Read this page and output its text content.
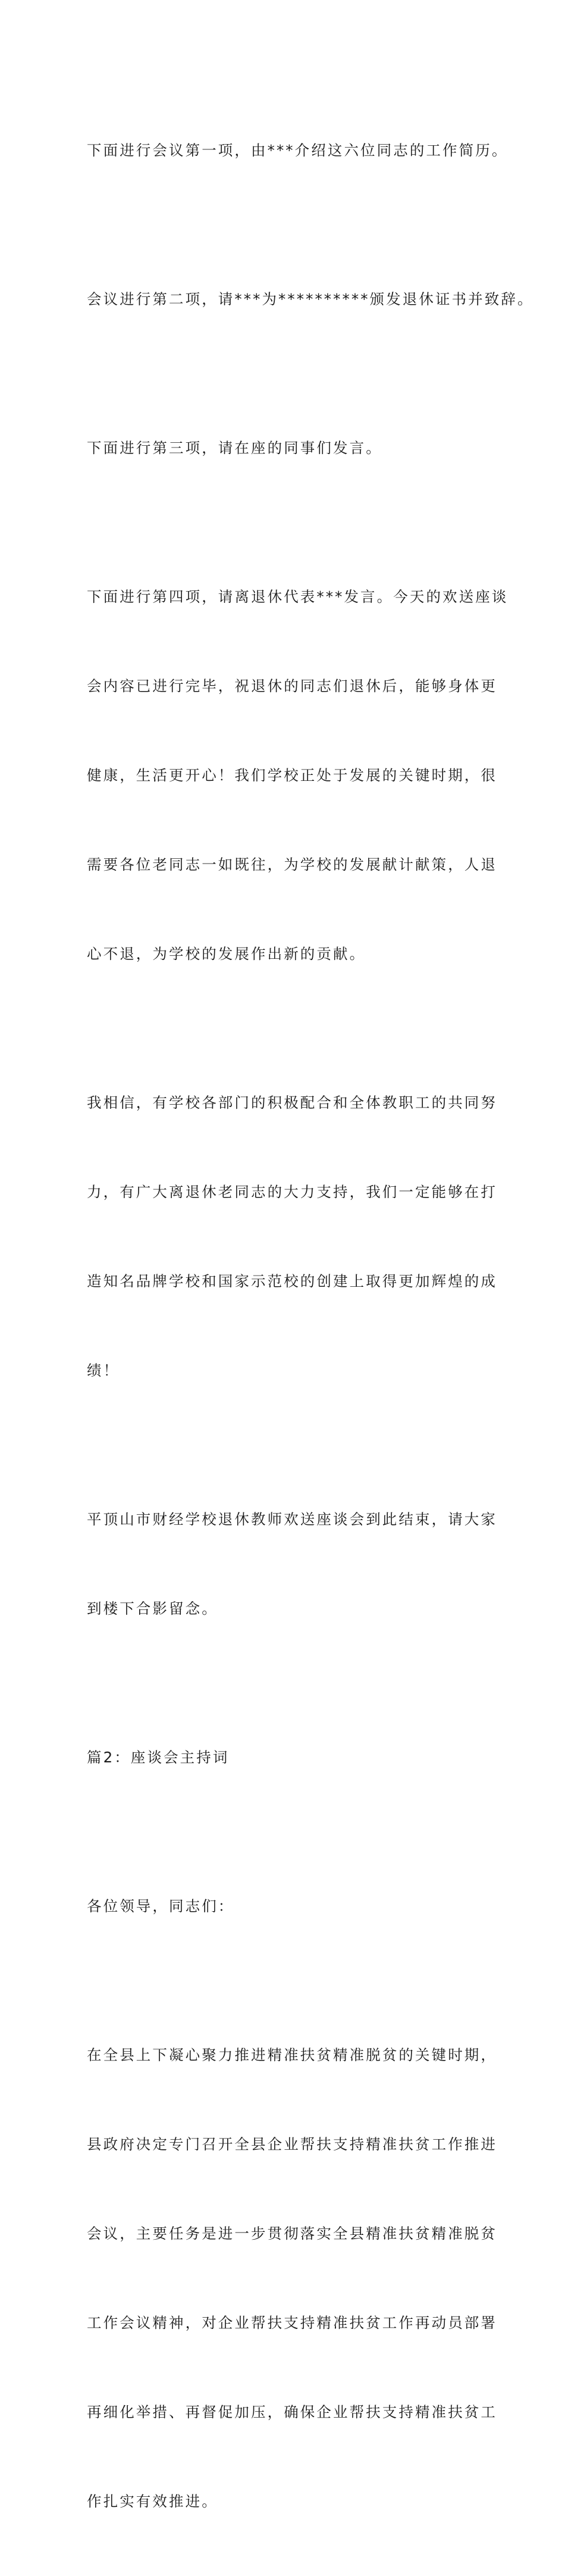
下面进行会议第一项，由***介绍这六位同志的工作简历。

会议进行第二项，请***为**********颁发退休证书并致辞。

下面进行第三项，请在座的同事们发言。

下面进行第四项，请离退休代表***发言。今天的欢送座谈

会内容已进行完毕，祝退休的同志们退休后，能够身体更

健康，生活更开心！我们学校正处于发展的关键时期，很

需要各位老同志一如既往，为学校的发展献计献策，人退

心不退，为学校的发展作出新的贡献。

我相信，有学校各部门的积极配合和全体教职工的共同努

力，有广大离退休老同志的大力支持，我们一定能够在打

造知名品牌学校和国家示范校的创建上取得更加辉煌的成

绩！

平顶山市财经学校退休教师欢送座谈会到此结束，请大家

到楼下合影留念。

篇2：座谈会主持词

各位领导，同志们：

在全县上下凝心聚力推进精准扶贫精准脱贫的关键时期，

县政府决定专门召开全县企业帮扶支持精准扶贫工作推进

会议，主要任务是进一步贯彻落实全县精准扶贫精准脱贫

工作会议精神，对企业帮扶支持精准扶贫工作再动员部署

再细化举措、再督促加压，确保企业帮扶支持精准扶贫工

作扎实有效推进。
